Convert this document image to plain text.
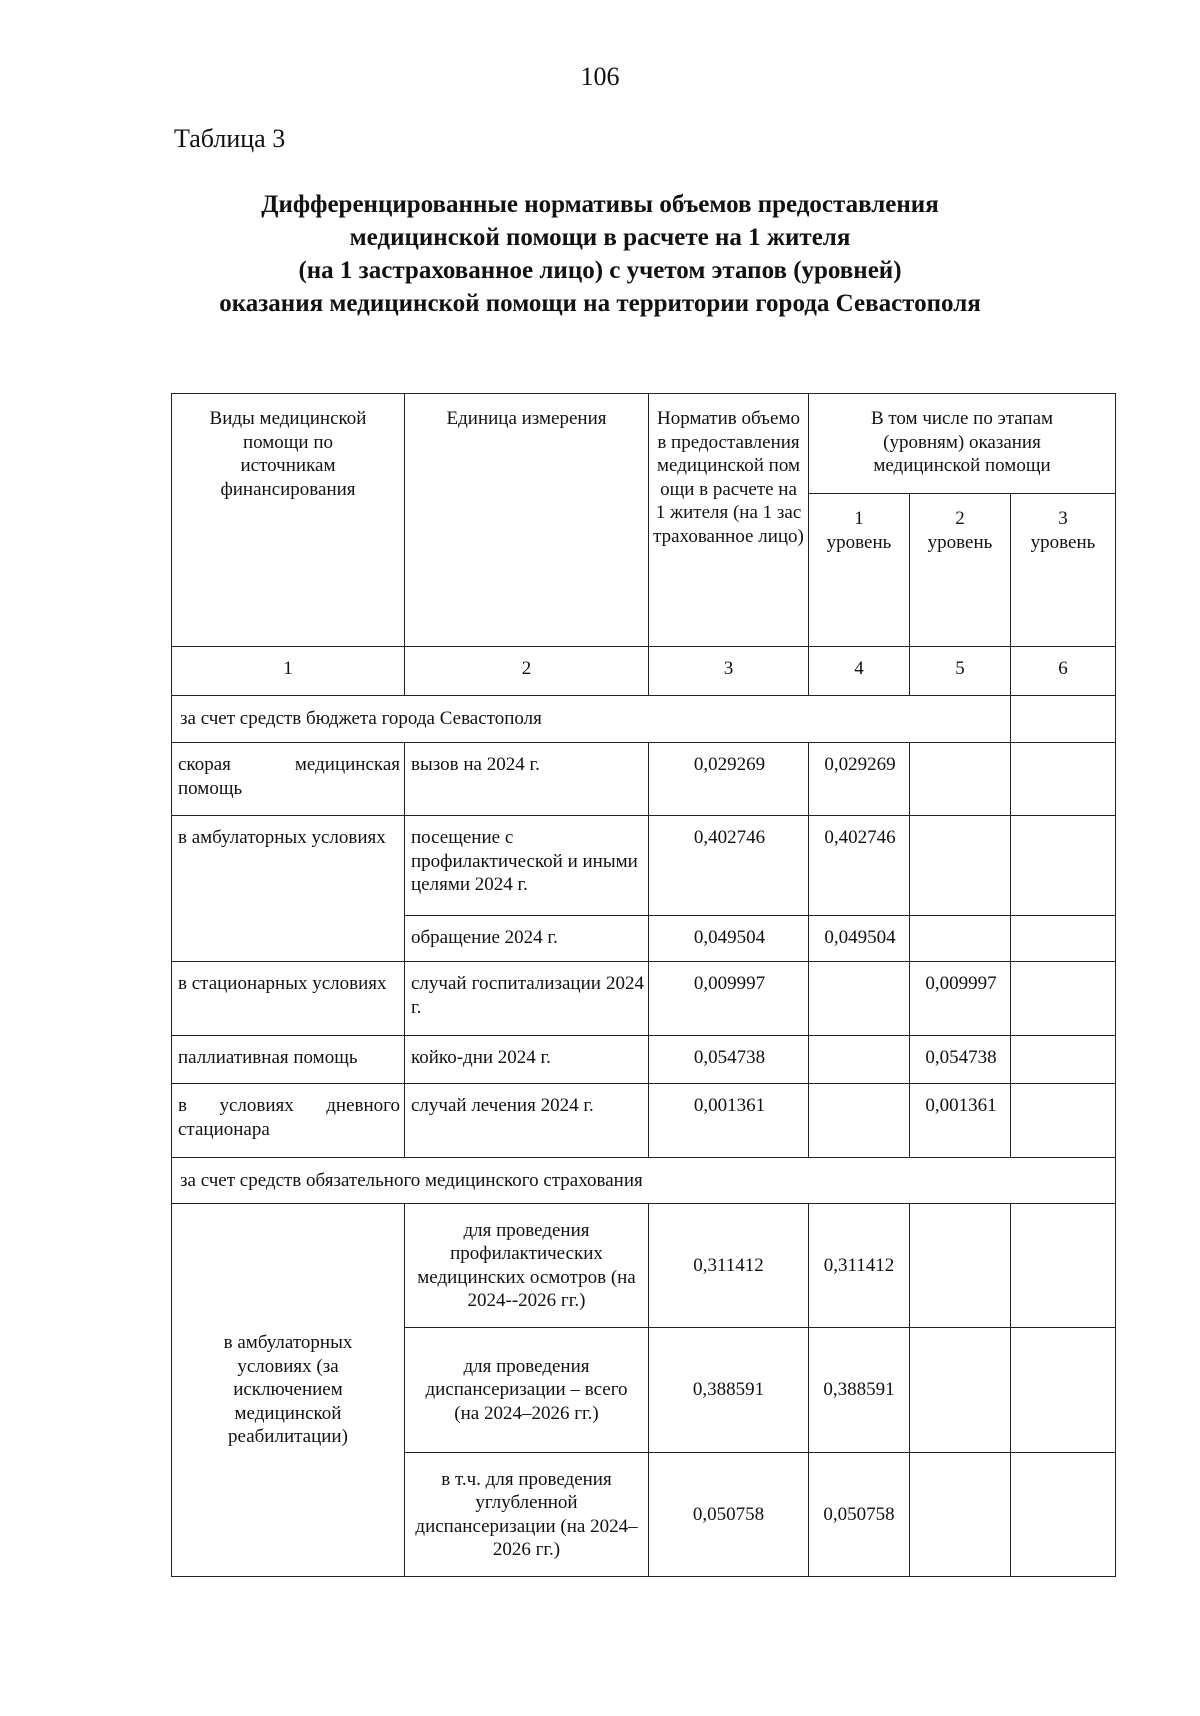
106
Таблица 3
Дифференцированные нормативы объемов предоставления
медицинской помощи в расчете на 1 жителя
(на 1 застрахованное лицо) с учетом этапов (уровней)
оказания медицинской помощи на территории города Севастополя
Виды медицинской помощи по источникам финансирования	Единица измерения	Норматив объемов предоставления медицинской помощи в расчете на 1 жителя (на 1 застрахованное лицо)	В том числе по этапам (уровням) оказания медицинской помощи		
			1 уровень	2 уровень	3 уровень
1	2	3	4	5	6
за счет средств бюджета города Севастополя					
скорая медицинская помощь	вызов на 2024 г.	0,029269	0,029269		
в амбулаторных условиях	посещение с профилактической и иными целями 2024 г.	0,402746	0,402746		
	обращение 2024 г.	0,049504	0,049504		
в стационарных условиях	случай госпитализации 2024 г.	0,009997		0,009997	
паллиативная помощь	койко-дни 2024 г.	0,054738		0,054738	
в условиях дневного стационара	случай лечения 2024 г.	0,001361		0,001361	
за счет средств обязательного медицинского страхования					
в амбулаторных условиях (за исключением медицинской реабилитации)	для проведения профилактических медицинских осмотров (на 2024-‐2026 гг.)	0,311412	0,311412		
	для проведения диспансеризации – всего (на 2024–2026 гг.)	0,388591	0,388591		
	в т.ч. для проведения углубленной диспансеризации (на 2024–2026 гг.)	0,050758	0,050758		
